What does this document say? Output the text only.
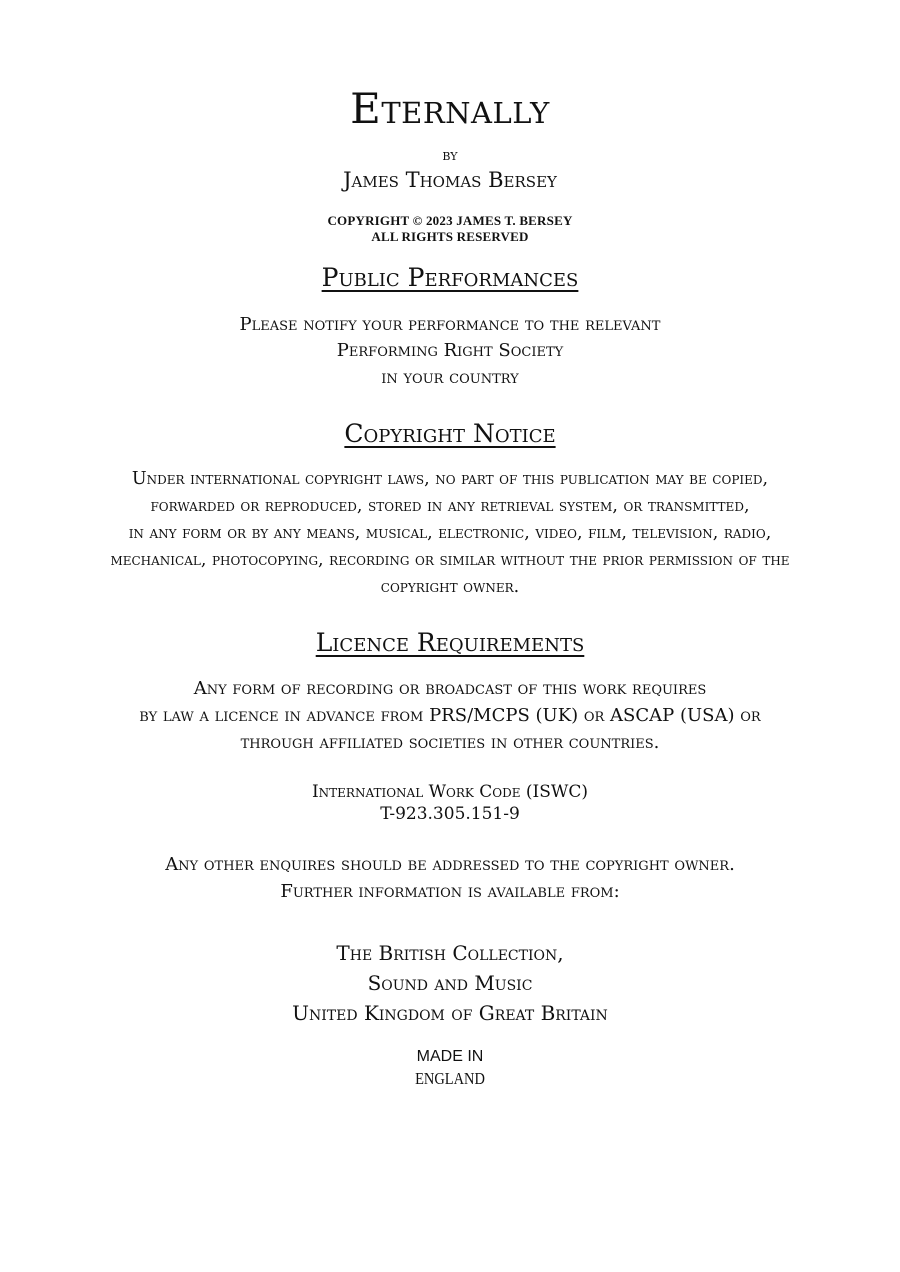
Eternally
by
James Thomas Bersey
COPYRIGHT © 2023 JAMES T. BERSEY
ALL RIGHTS RESERVED
Public Performances
Please notify your performance to the relevant
Performing Right Society
in your country
Copyright Notice
Under international copyright laws, no part of this publication may be copied,
forwarded or reproduced, stored in any retrieval system, or transmitted,
in any form or by any means, musical, electronic, video, film, television, radio,
mechanical, photocopying, recording or similar without the prior permission of the
copyright owner.
Licence Requirements
Any form of recording or broadcast of this work requires
by law a licence in advance from PRS/MCPS (UK) or ASCAP (USA) or
through affiliated societies in other countries.
International Work Code (ISWC)
T-923.305.151-9
Any other enquires should be addressed to the copyright owner.
Further information is available from:
The British Collection,
Sound and Music
United Kingdom of Great Britain
MADE IN
ENGLAND
